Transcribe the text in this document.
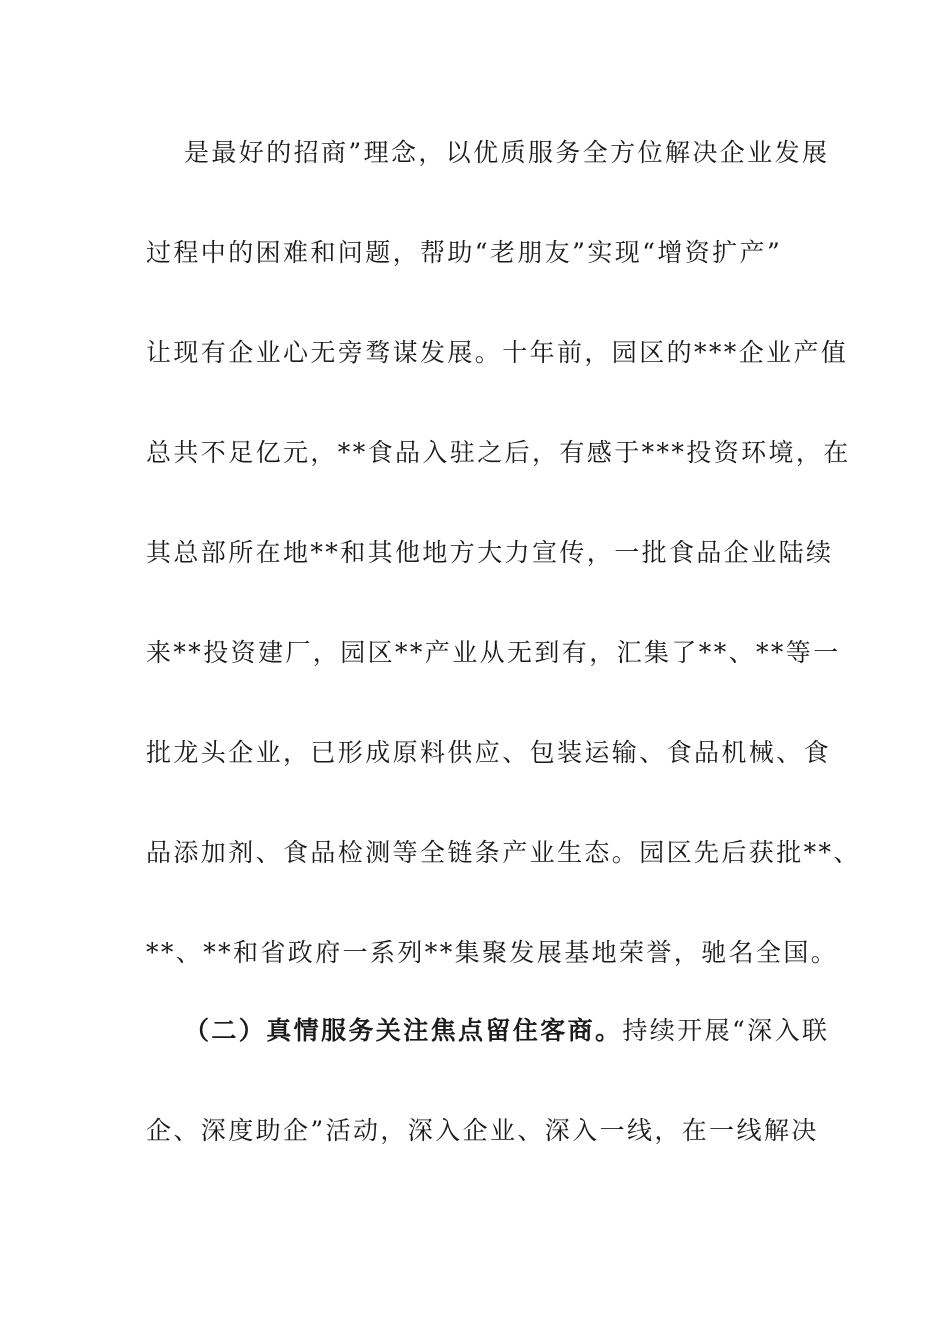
是最好的招商”理念，以优质服务全方位解决企业发展
过程中的困难和问题，帮助“老朋友”实现“增资扩产”
让现有企业心无旁骛谋发展。十年前，园区的***企业产值
总共不足亿元，**食品入驻之后，有感于***投资环境，在
其总部所在地**和其他地方大力宣传，一批食品企业陆续
来**投资建厂，园区**产业从无到有，汇集了**、**等一
批龙头企业，已形成原料供应、包装运输、食品机械、食
品添加剂、食品检测等全链条产业生态。园区先后获批**、
**、**和省政府一系列**集聚发展基地荣誉，驰名全国。
（二）真情服务关注焦点留住客商。持续开展“深入联
企、深度助企”活动，深入企业、深入一线，在一线解决
